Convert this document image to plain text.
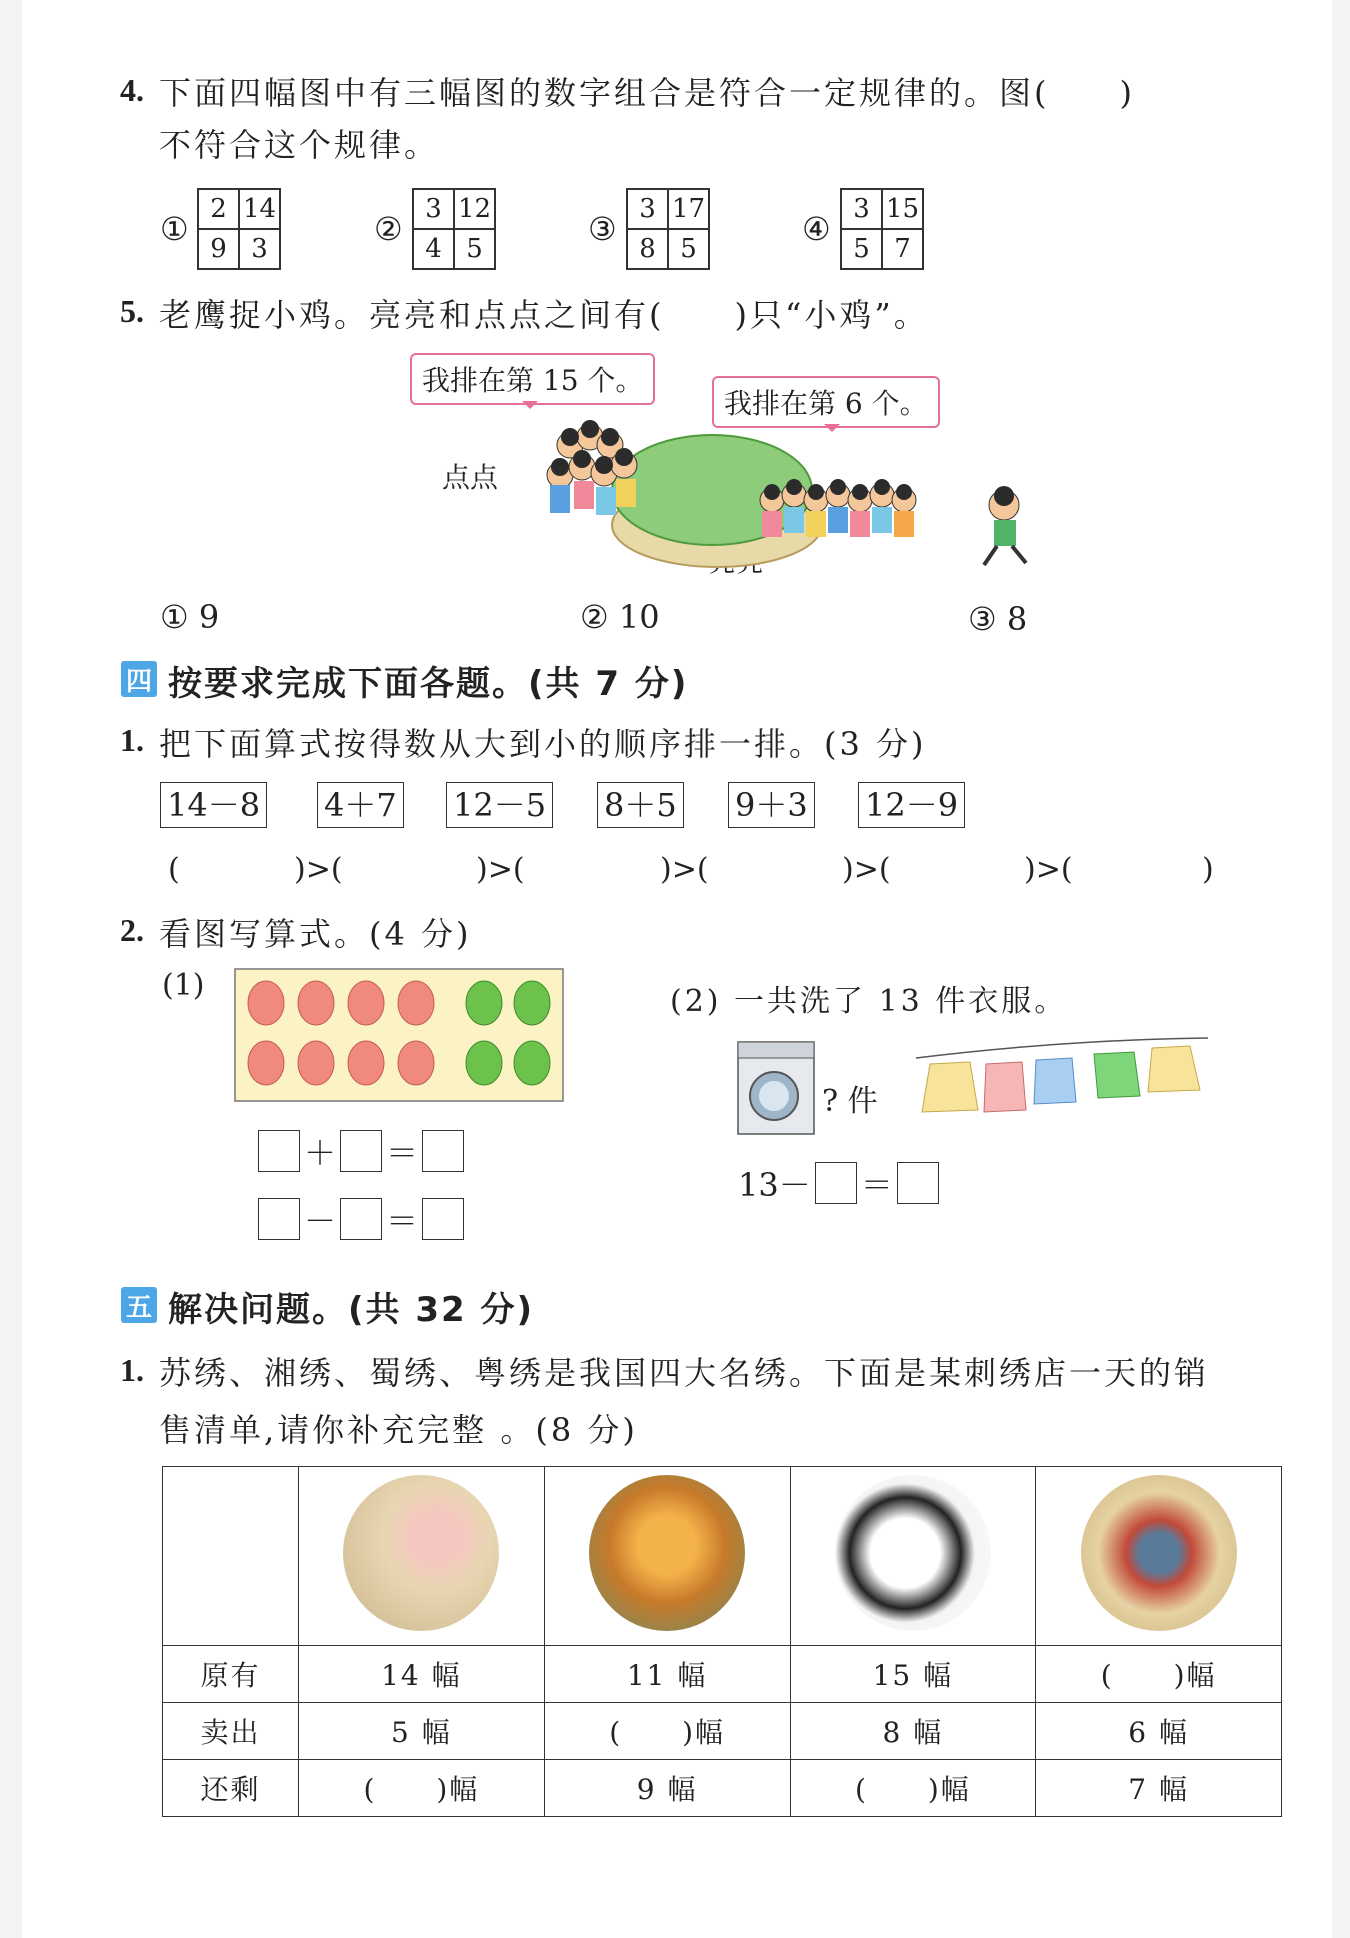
4. 下面四幅图中有三幅图的数字组合是符合一定规律的。图(　　)
不符合这个规律。
①
2 14
9 3
②
3 12
4 5
③
3 17
8 5
④
3 15
5 7
5. 老鹰捉小鸡。亮亮和点点之间有(　　)只“小鸡”。
我排在第 15 个。
我排在第 6 个。
点点
① 9	② 10	③ 8
四 按要求完成下面各题。(共 7 分)
1. 把下面算式按得数从大到小的顺序排一排。(3 分)
14－8 4＋7 12－5 8＋5 9＋3 12－9
(	)>(	)>(	)>(	)>(	)>(	)
2. 看图写算式。(4 分)
(1)
＋ ＝
－ ＝
(2) 一共洗了 13 件衣服。
? 件
13－ ＝
五 解决问题。(共 32 分)
1. 苏绣、湘绣、蜀绣、粤绣是我国四大名绣。下面是某刺绣店一天的销
售清单,请你补充完整 。(8 分)

原有	14 幅	11 幅	15 幅	(　　)幅
卖出	5 幅	(　　)幅	8 幅	6 幅
还剩	(　　)幅	9 幅	(　　)幅	7 幅
